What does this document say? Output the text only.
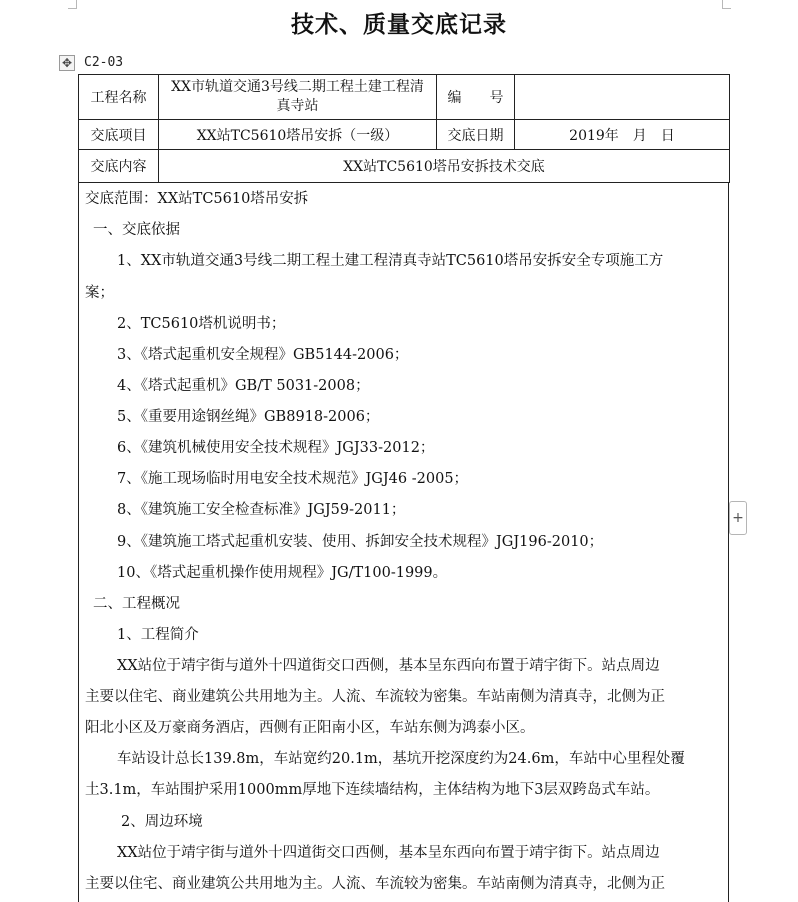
技术、质量交底记录
✥ C2-03
工程名称	XX市轨道交通3号线二期工程土建工程清真寺站	编　　号	
交底项目	XX站TC5610塔吊安拆（一级）	交底日期	2019年　月　日
交底内容	XX站TC5610塔吊安拆技术交底		
交底范围：XX站TC5610塔吊安拆
一、交底依据
1、XX市轨道交通3号线二期工程土建工程清真寺站TC5610塔吊安拆安全专项施工方
案；
2、TC5610塔机说明书；
3、《塔式起重机安全规程》GB5144-2006；
4、《塔式起重机》GB/T 5031-2008；
5、《重要用途钢丝绳》GB8918-2006；
6、《建筑机械使用安全技术规程》JGJ33-2012；
7、《施工现场临时用电安全技术规范》JGJ46 -2005；
8、《建筑施工安全检查标准》JGJ59-2011；
9、《建筑施工塔式起重机安装、使用、拆卸安全技术规程》JGJ196-2010；
10、《塔式起重机操作使用规程》JG/T100-1999。
二、工程概况
1、工程简介
XX站位于靖宇街与道外十四道街交口西侧，基本呈东西向布置于靖宇街下。站点周边
主要以住宅、商业建筑公共用地为主。人流、车流较为密集。车站南侧为清真寺，北侧为正
阳北小区及万豪商务酒店，西侧有正阳南小区，车站东侧为鸿泰小区。
车站设计总长139.8m，车站宽约20.1m，基坑开挖深度约为24.6m，车站中心里程处覆
土3.1m，车站围护采用1000mm厚地下连续墙结构，主体结构为地下3层双跨岛式车站。
2、周边环境
XX站位于靖宇街与道外十四道街交口西侧，基本呈东西向布置于靖宇街下。站点周边
主要以住宅、商业建筑公共用地为主。人流、车流较为密集。车站南侧为清真寺，北侧为正
+
